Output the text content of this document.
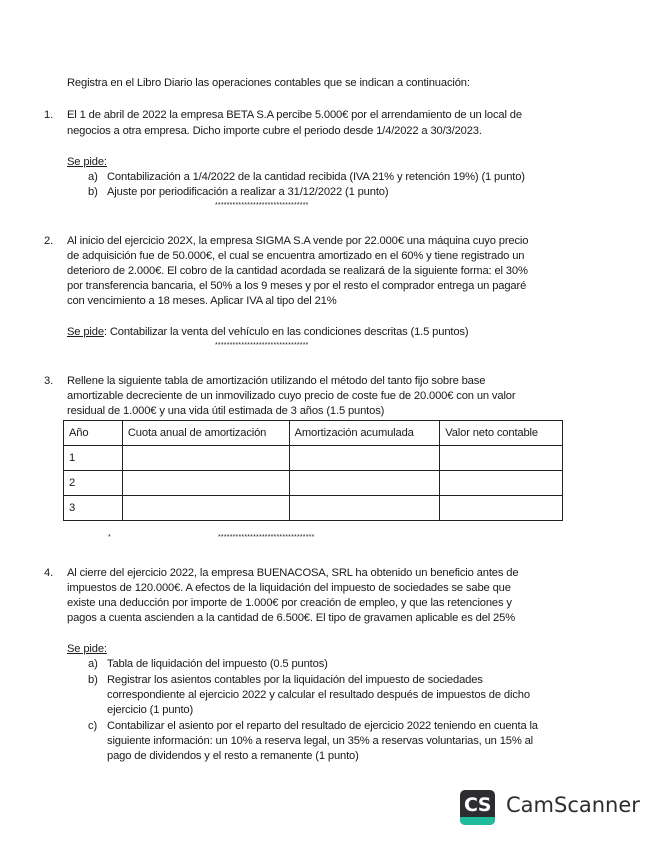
Registra en el Libro Diario las operaciones contables que se indican a continuación:
1. El 1 de abril de 2022 la empresa BETA S.A percibe 5.000€ por el arrendamiento de un local de
negocios a otra empresa. Dicho importe cubre el periodo desde 1/4/2022 a 30/3/2023.
Se pide:
a) Contabilización a 1/4/2022 de la cantidad recibida (IVA 21% y retención 19%) (1 punto)
b) Ajuste por periodificación a realizar a 31/12/2022 (1 punto)
********************************
2. Al inicio del ejercicio 202X, la empresa SIGMA S.A vende por 22.000€ una máquina cuyo precio
de adquisición fue de 50.000€, el cual se encuentra amortizado en el 60% y tiene registrado un
deterioro de 2.000€. El cobro de la cantidad acordada se realizará de la siguiente forma: el 30%
por transferencia bancaria, el 50% a los 9 meses y por el resto el comprador entrega un pagaré
con vencimiento a 18 meses. Aplicar IVA al tipo del 21%
Se pide: Contabilizar la venta del vehículo en las condiciones descritas (1.5 puntos)
********************************
3. Rellene la siguiente tabla de amortización utilizando el método del tanto fijo sobre base
amortizable decreciente de un inmovilizado cuyo precio de coste fue de 20.000€ con un valor
residual de 1.000€ y una vida útil estimada de 3 años (1.5 puntos)
Año	Cuota anual de amortización	Amortización acumulada	Valor neto contable
1			
2			
3			
*	*********************************
4. Al cierre del ejercicio 2022, la empresa BUENACOSA, SRL ha obtenido un beneficio antes de
impuestos de 120.000€. A efectos de la liquidación del impuesto de sociedades se sabe que
existe una deducción por importe de 1.000€ por creación de empleo, y que las retenciones y
pagos a cuenta ascienden a la cantidad de 6.500€. El tipo de gravamen aplicable es del 25%
Se pide:
a) Tabla de liquidación del impuesto (0.5 puntos)
b) Registrar los asientos contables por la liquidación del impuesto de sociedades
correspondiente al ejercicio 2022 y calcular el resultado después de impuestos de dicho
ejercicio (1 punto)
c) Contabilizar el asiento por el reparto del resultado de ejercicio 2022 teniendo en cuenta la
siguiente información: un 10% a reserva legal, un 35% a reservas voluntarias, un 15% al
pago de dividendos y el resto a remanente (1 punto)
CS CamScanner
